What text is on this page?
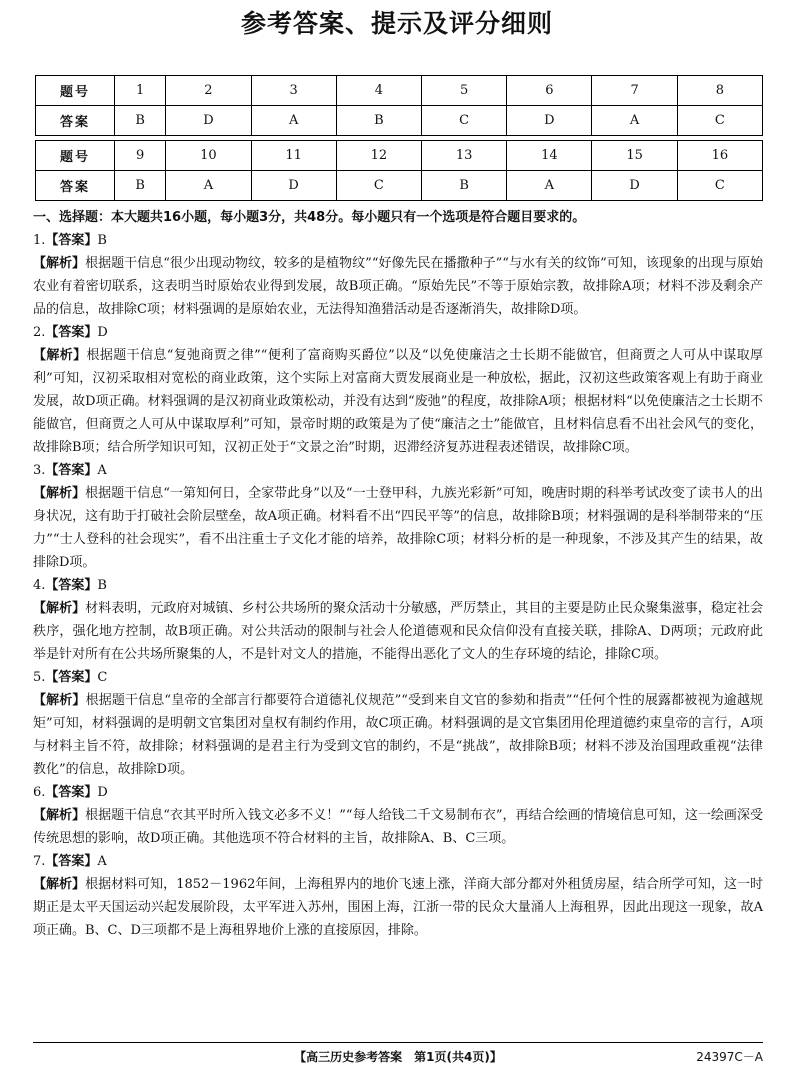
参考答案、提示及评分细则
题号	1	2	3	4	5	6	7	8
答案	B	D	A	B	C	D	A	C

题号	9	10	11	12	13	14	15	16
答案	B	A	D	C	B	A	D	C
一、选择题：本大题共16小题，每小题3分，共48分。每小题只有一个选项是符合题目要求的。
1.【答案】B
【解析】根据题干信息“很少出现动物纹，较多的是植物纹”“好像先民在播撒种子”“与水有关的纹饰”可知，该现象的出现与原始农业有着密切联系，这表明当时原始农业得到发展，故B项正确。“原始先民”不等于原始宗教，故排除A项；材料不涉及剩余产品的信息，故排除C项；材料强调的是原始农业，无法得知渔猎活动是否逐渐消失，故排除D项。
2.【答案】D
【解析】根据题干信息“复弛商贾之律”“便利了富商购买爵位”以及“以免使廉洁之士长期不能做官，但商贾之人可从中谋取厚利”可知，汉初采取相对宽松的商业政策，这个实际上对富商大贾发展商业是一种放松，据此，汉初这些政策客观上有助于商业发展，故D项正确。材料强调的是汉初商业政策松动，并没有达到“废弛”的程度，故排除A项；根据材料“以免使廉洁之士长期不能做官，但商贾之人可从中谋取厚利”可知，景帝时期的政策是为了使“廉洁之士”能做官，且材料信息看不出社会风气的变化，故排除B项；结合所学知识可知，汉初正处于“文景之治”时期，迟滞经济复苏进程表述错误，故排除C项。
3.【答案】A
【解析】根据题干信息“一第知何日，全家带此身”以及“一士登甲科，九族光彩新”可知，晚唐时期的科举考试改变了读书人的出身状况，这有助于打破社会阶层壁垒，故A项正确。材料看不出“四民平等”的信息，故排除B项；材料强调的是科举制带来的“压力”“士人登科的社会现实”，看不出注重士子文化才能的培养，故排除C项；材料分析的是一种现象，不涉及其产生的结果，故排除D项。
4.【答案】B
【解析】材料表明，元政府对城镇、乡村公共场所的聚众活动十分敏感，严厉禁止，其目的主要是防止民众聚集滋事，稳定社会秩序，强化地方控制，故B项正确。对公共活动的限制与社会人伦道德观和民众信仰没有直接关联，排除A、D两项；元政府此举是针对所有在公共场所聚集的人，不是针对文人的措施，不能得出恶化了文人的生存环境的结论，排除C项。
5.【答案】C
【解析】根据题干信息“皇帝的全部言行都要符合道德礼仪规范”“受到来自文官的参劾和指责”“任何个性的展露都被视为逾越规矩”可知，材料强调的是明朝文官集团对皇权有制约作用，故C项正确。材料强调的是文官集团用伦理道德约束皇帝的言行，A项与材料主旨不符，故排除；材料强调的是君主行为受到文官的制约，不是“挑战”，故排除B项；材料不涉及治国理政重视“法律教化”的信息，故排除D项。
6.【答案】D
【解析】根据题干信息“衣其平时所入钱文必多不义！”“每人给钱二千文易制布衣”，再结合绘画的情境信息可知，这一绘画深受传统思想的影响，故D项正确。其他选项不符合材料的主旨，故排除A、B、C三项。
7.【答案】A
【解析】根据材料可知，1852－1962年间，上海租界内的地价飞速上涨，洋商大部分都对外租赁房屋，结合所学可知，这一时期正是太平天国运动兴起发展阶段，太平军进入苏州，围困上海，江浙一带的民众大量涌人上海租界，因此出现这一现象，故A项正确。B、C、D三项都不是上海租界地价上涨的直接原因，排除。
【高三历史参考答案　第1页(共4页)】	24397C－A
